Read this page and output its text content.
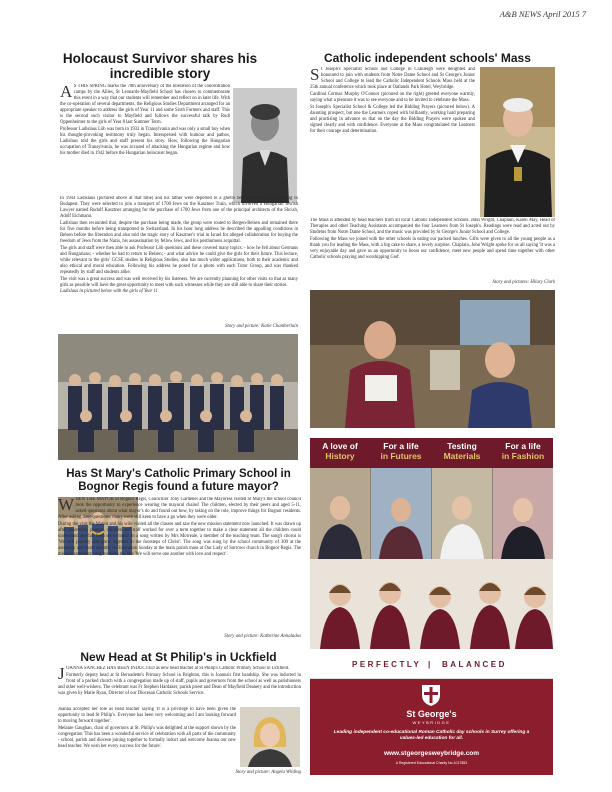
A&B NEWS April 2015 7
Holocaust Survivor shares his incredible story
A S THIS SPRING marks the 70th anniversary of the liberation of the concentration camps by the Allies, St Leonards-Mayfield School has chosen to commemorate this event in a way that our students will remember and reflect on in later life. With the co-operation of several departments, the Religious Studies Department arranged for an appropriate speaker to address the girls of Year 11 and some Sixth Formers and staff. This is the second such visitor to Mayfield and follows the successful talk by Rudi Oppenheimer to the girls of Year 8 last Summer Term.

Professor Ladislaus Löb was born in 1933 in Transylvania and was only a small boy when his thought-provoking testimony truly began. Interspersed with humour and pathos, Ladislaus told the girls and staff present his story. How, following the Hungarian occupation of Transylvania, he was accused of attacking the Hungarian regime and how his mother died in 1942 before the Hungarian holocaust began.

In 1944 Ladislaus (pictured above at that time) and his father were deported to a ghetto before escaping and moving to Budapest. They were selected to join a transport of 1700 Jews on the Kasztner Train, which involved a Hungarian Jewish Lawyer named Rudolf Kasztner arranging for the purchase of 1700 Jews from one of the principal architects of the Sho'ah, Adolf Eichmann.

Ladislaus then recounted that, despite the purchase being made, the group were routed to Bergen-Belsen and remained there for five months before being transported to Switzerland. In his hour long address he described the appalling conditions in Belsen before the liberation and also told the tragic story of Kasztner's trial in Israel for alleged collaboration for buying the freedom of Jews from the Nazis, his assassination by fellow Jews, and his posthumous acquittal.

The girls and staff were then able to ask Professor Löb questions and these covered many topics: - how he felt about Germans and Hungarians; - whether he had to return to Belsen; - and what advice he could give the girls for their future. This lecture, while relevant to the girls' GCSE studies in Religious Studies, also has much wider applications, both to their academic and also ethical and moral education. Following his address he posed for a photo with each Tutor Group, and was thanked repeatedly by staff and students alike.

The visit was a great success and was well received by his listeners. We are currently planning for other visits so that as many girls as possible will have the great opportunity to meet with such witnesses while they are still able to share their stories.

Ladislaus in pictured below with the girls of Year 11

Story and picture: Katie Chamberlain
Catholic independent schools' Mass
S t Joseph's Specialist School and College in Cranleigh were delighted and honoured to join with students from Notre Dame School and St George's Junior School and College to lead the Catholic Independent Schools Mass held at the 25th annual conference which took place at Oatlands Park Hotel, Weybridge.

Cardinal Cormac Murphy O'Connor (pictured on the right) greeted everyone warmly, saying what a pleasure it was to see everyone and to be invited to celebrate the Mass.

St Joseph's Specialist School & College led the Bidding Prayers (pictured below). A daunting prospect, but one the Learners coped with brilliantly, working hard preparing and practising in advance so that on the day the Bidding Prayers were spoken and signed clearly and with confidence. Everyone at the Mass congratulated the Learners for their courage and determination.

The Mass is attended by head teachers from all local Catholic Independent Schools. John Wright, Chaplain, Karen May, Head of Therapies and other Teaching Assistants accompanied the four Learners from St Joseph's. Readings were read and acted out by Students from Notre Dame School, and the music was provided by St George's Junior School and College.

Following the Mass we joined with the other schools in eating our packed lunches. Gifts were given to all the young people as a thank you for leading the Mass, with a big cake to share, a lovely surprise. Chaplain, John Wright spoke for us all saying 'It was a very enjoyable day and gave us an opportunity to boost our confidence, meet new people and spend time together with other Catholic schools praying and worshipping God'.

Story and pictures: Hilary Clark
Has St Mary's Catholic Primary School in Bognor Regis found a future mayor?
W HEN THE MAYOR of Bognor Regis, Councillor Tony Gardener and the Mayoress visited St Mary's the school council took the opportunity to experience wearing the mayoral chains! The children, elected by their peers and aged 5-11, asked questions about what mayor's do and found out how, by taking on the role, improve things for Bognor residents. After asking their questions, many were still keen to have a go when they were older.

During the visit the Mayor and his wife visited all the classes and saw the new mission statement now launched. It was drawn up after governors, parents, children and staff worked for over a term together to make a clear statement all the children could understand and has been set to music in a song written by Mrs Morreale, a member of the teaching team. The song's chorus is 'We will journey and grow together in the footsteps of Christ'. The song was sung by the school community of 300 at the assembly and more recently on Education Sunday at the main parish mass at Our Lady of Sorrows church in Bognor Regis. The mission statement song includes the line 'We will serve one another with love and respect'.

Story and picture: Katherine Annalados
New Head at St Philip's in Uckfield
J OANNA SANCHEZ HAS BEEN INDUCTED as new head teacher at St Philip's Catholic Primary School in Uckfield.

Formerly deputy head at St Bernadette's Primary School in Brighton, this is Joanna's first headship. She was inducted in front of a packed church with a congregation made up of staff, pupils and governors from the school as well as parishioners and other well-wishers. The celebrant was Fr Stephen Hardaker, parish priest and Dean of Mayfield Deanery and the introduction was given by Marie Ryan, Director of our Diocesan Catholic Schools Service.

Joanna accepted her role as head teacher saying 'It is a privilege to have been given the opportunity to lead St Philip's. Everyone has been very welcoming and I am looking forward to moving forward together'.

Melanie Gaughan, chair of governors at St. Philip's was delighted at the support shown by the congregation 'This has been a wonderful service of celebration with all parts of the community - school, parish and diocese joining together to formally induct and welcome Joanna our new head teacher. We wish her every success for the future'.

Story and picture: Angela Wilding
A love of
History
For a life
in Futures
Testing
Materials
For a life
in Fashion
PERFECTLY | BALANCED
St George's
WEYBRIDGE
Leading independent co-educational Roman Catholic day schools in Surrey offering a values-led education for all.
www.stgeorgesweybridge.com
A Registered Educational Charity No.1017853
